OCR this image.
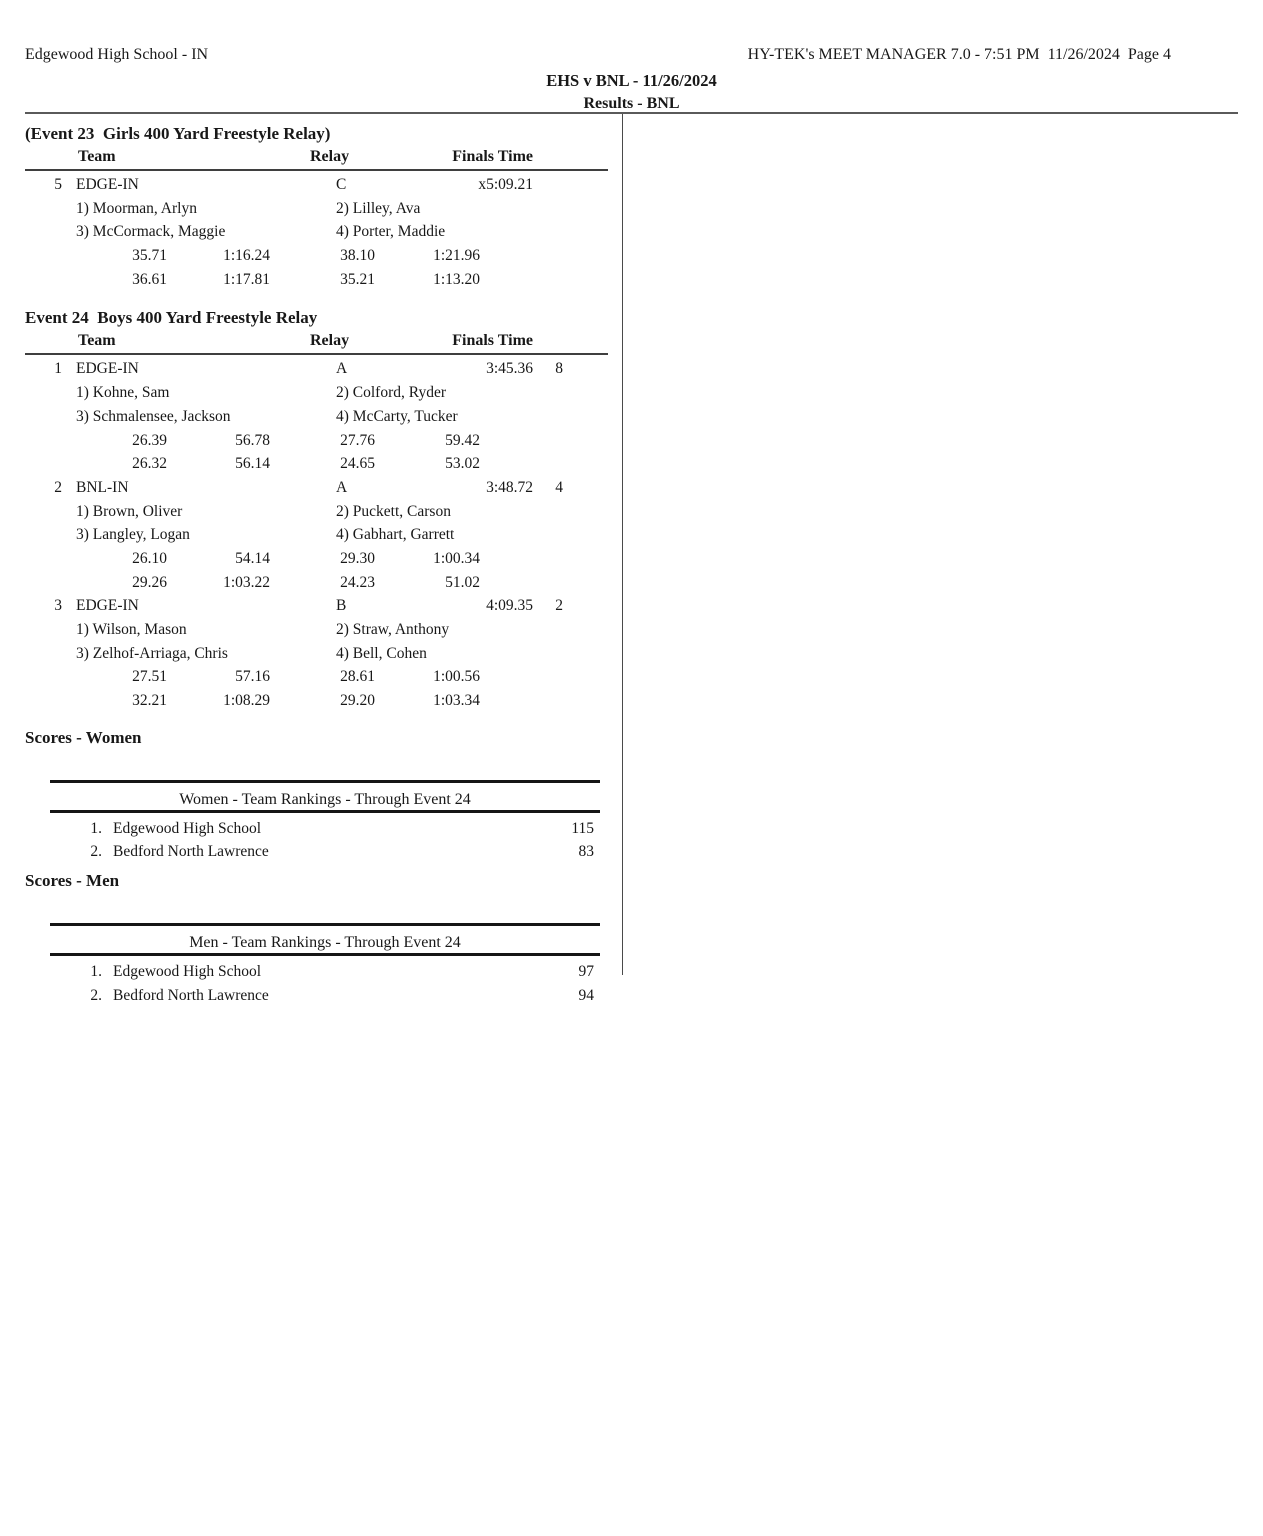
Edgewood High School - IN	HY-TEK's MEET MANAGER 7.0 - 7:51 PM  11/26/2024  Page 4
EHS v BNL - 11/26/2024
Results - BNL
(Event 23  Girls 400 Yard Freestyle Relay)
Team	Relay	Finals Time
5 EDGE-IN	C	x5:09.21
1) Moorman, Arlyn	2) Lilley, Ava
3) McCormack, Maggie	4) Porter, Maddie
35.71	1:16.24	38.10	1:21.96
36.61	1:17.81	35.21	1:13.20
Event 24  Boys 400 Yard Freestyle Relay
Team	Relay	Finals Time
1 EDGE-IN	A	3:45.36	8
1) Kohne, Sam	2) Colford, Ryder
3) Schmalensee, Jackson	4) McCarty, Tucker
26.39	56.78	27.76	59.42
26.32	56.14	24.65	53.02
2 BNL-IN	A	3:48.72	4
1) Brown, Oliver	2) Puckett, Carson
3) Langley, Logan	4) Gabhart, Garrett
26.10	54.14	29.30	1:00.34
29.26	1:03.22	24.23	51.02
3 EDGE-IN	B	4:09.35	2
1) Wilson, Mason	2) Straw, Anthony
3) Zelhof-Arriaga, Chris	4) Bell, Cohen
27.51	57.16	28.61	1:00.56
32.21	1:08.29	29.20	1:03.34
Scores - Women
Women - Team Rankings - Through Event 24
1. Edgewood High School	115
2. Bedford North Lawrence	83
Scores - Men
Men - Team Rankings - Through Event 24
1. Edgewood High School	97
2. Bedford North Lawrence	94
